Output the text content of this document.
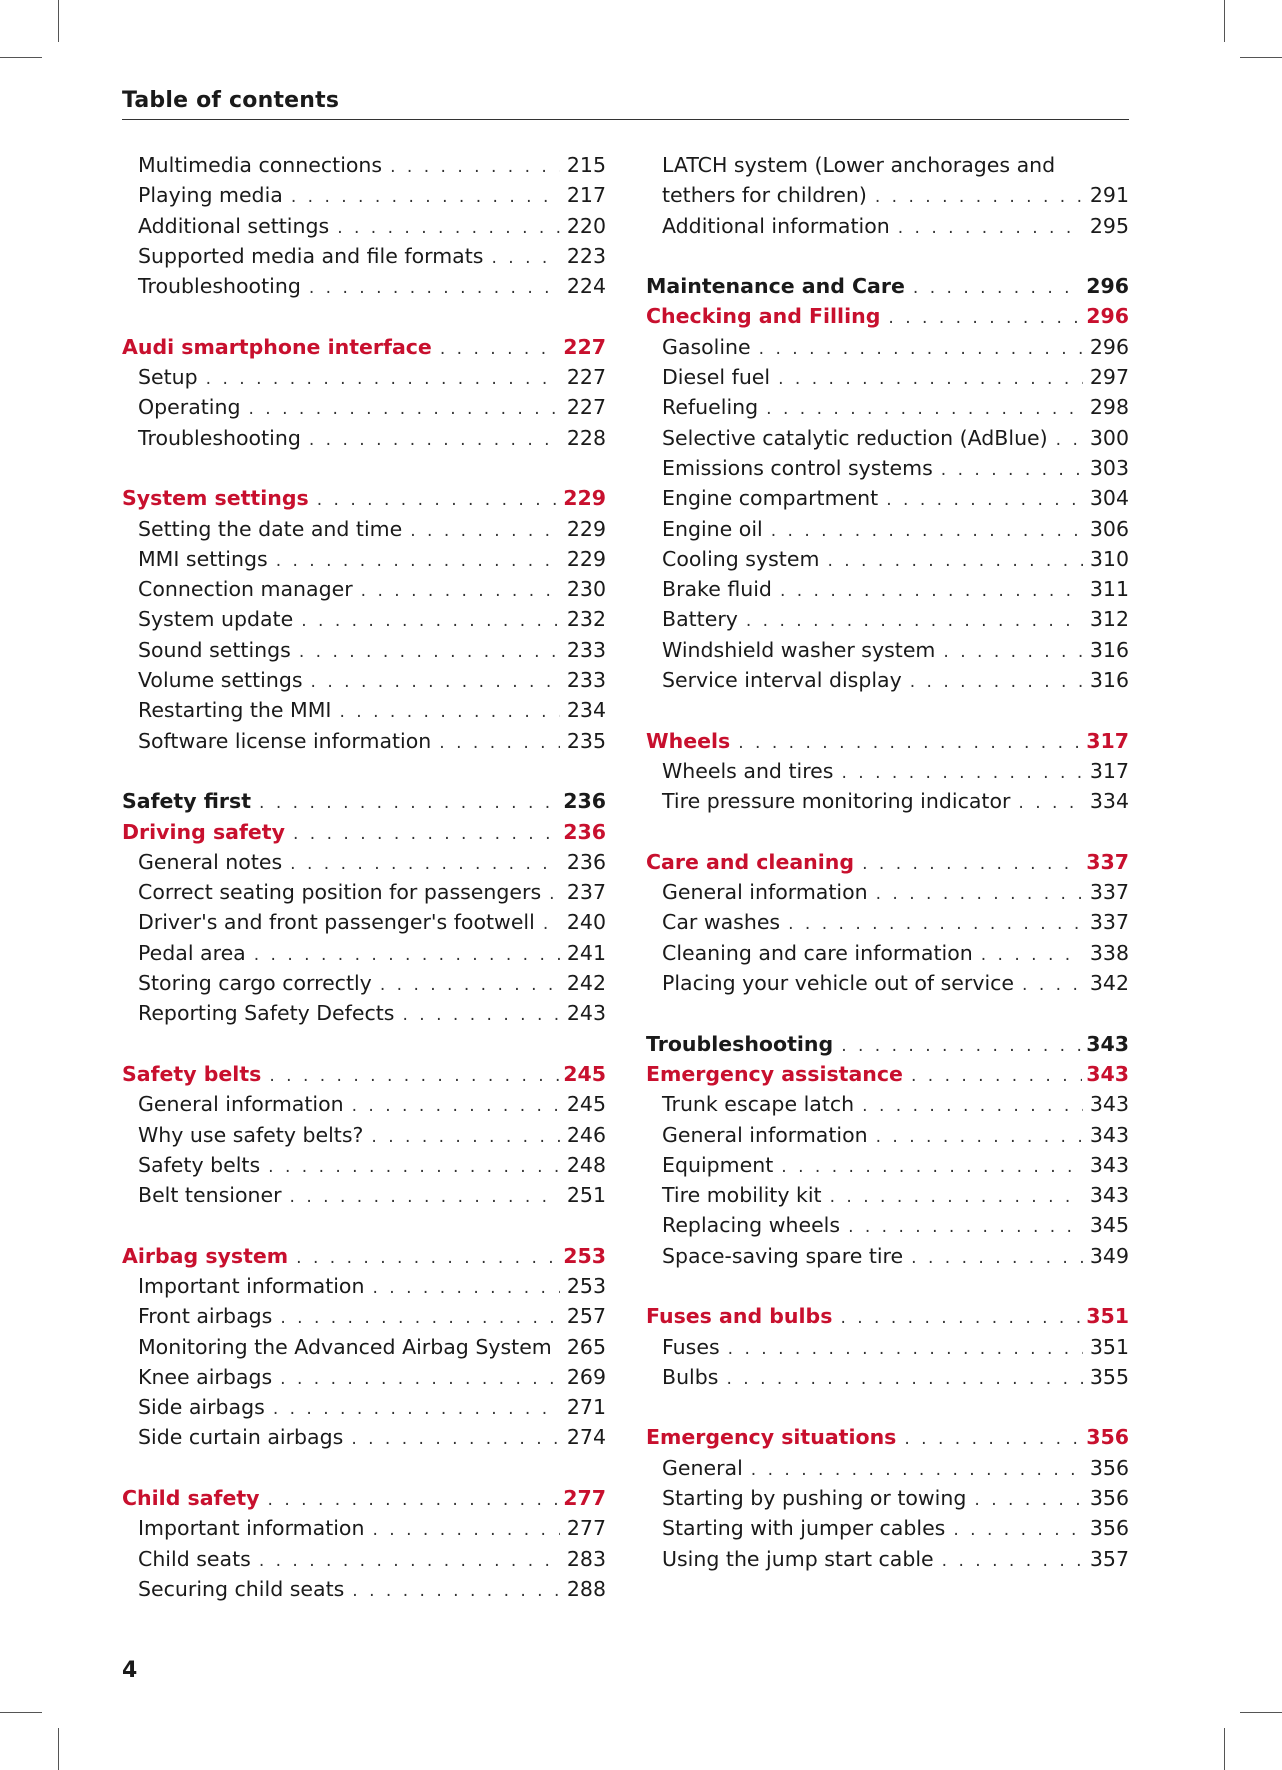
Table of contents
Multimedia connections . . .	215
Playing media . . .	217
Additional settings . . .	220
Supported media and file formats . . .	223
Troubleshooting . . .	224
Audi smartphone interface . . .	227
Setup . . .	227
Operating . . .	227
Troubleshooting . . .	228
System settings . . .	229
Setting the date and time . . .	229
MMI settings . . .	229
Connection manager . . .	230
System update . . .	232
Sound settings . . .	233
Volume settings . . .	233
Restarting the MMI . . .	234
Software license information . . .	235
Safety first . . .	236
Driving safety . . .	236
General notes . . .	236
Correct seating position for passengers . . . 237
Driver's and front passenger's footwell . . . 240
Pedal area . . .	241
Storing cargo correctly . . .	242
Reporting Safety Defects . . .	243
Safety belts . . .	245
General information . . .	245
Why use safety belts? . . .	246
Safety belts . . .	248
Belt tensioner . . .	251
Airbag system . . .	253
Important information . . .	253
Front airbags . . .	257
Monitoring the Advanced Airbag System . . . 265
Knee airbags . . .	269
Side airbags . . .	271
Side curtain airbags . . .	274
Child safety . . .	277
Important information . . .	277
Child seats . . .	283
Securing child seats . . .	288
LATCH system (Lower anchorages and
tethers for children) . . .	291
Additional information . . .	295
Maintenance and Care . . .	296
Checking and Filling . . .	296
Gasoline . . .	296
Diesel fuel . . .	297
Refueling . . .	298
Selective catalytic reduction (AdBlue) . . . 300
Emissions control systems . . .	303
Engine compartment . . .	304
Engine oil . . .	306
Cooling system . . .	310
Brake fluid . . .	311
Battery . . .	312
Windshield washer system . . .	316
Service interval display . . .	316
Wheels . . .	317
Wheels and tires . . .	317
Tire pressure monitoring indicator . . .	334
Care and cleaning . . .	337
General information . . .	337
Car washes . . .	337
Cleaning and care information . . .	338
Placing your vehicle out of service . . .	342
Troubleshooting . . .	343
Emergency assistance . . .	343
Trunk escape latch . . .	343
General information . . .	343
Equipment . . .	343
Tire mobility kit . . .	343
Replacing wheels . . .	345
Space-saving spare tire . . .	349
Fuses and bulbs . . .	351
Fuses . . .	351
Bulbs . . .	355
Emergency situations . . .	356
General . . .	356
Starting by pushing or towing . . .	356
Starting with jumper cables . . .	356
Using the jump start cable . . .	357
4
